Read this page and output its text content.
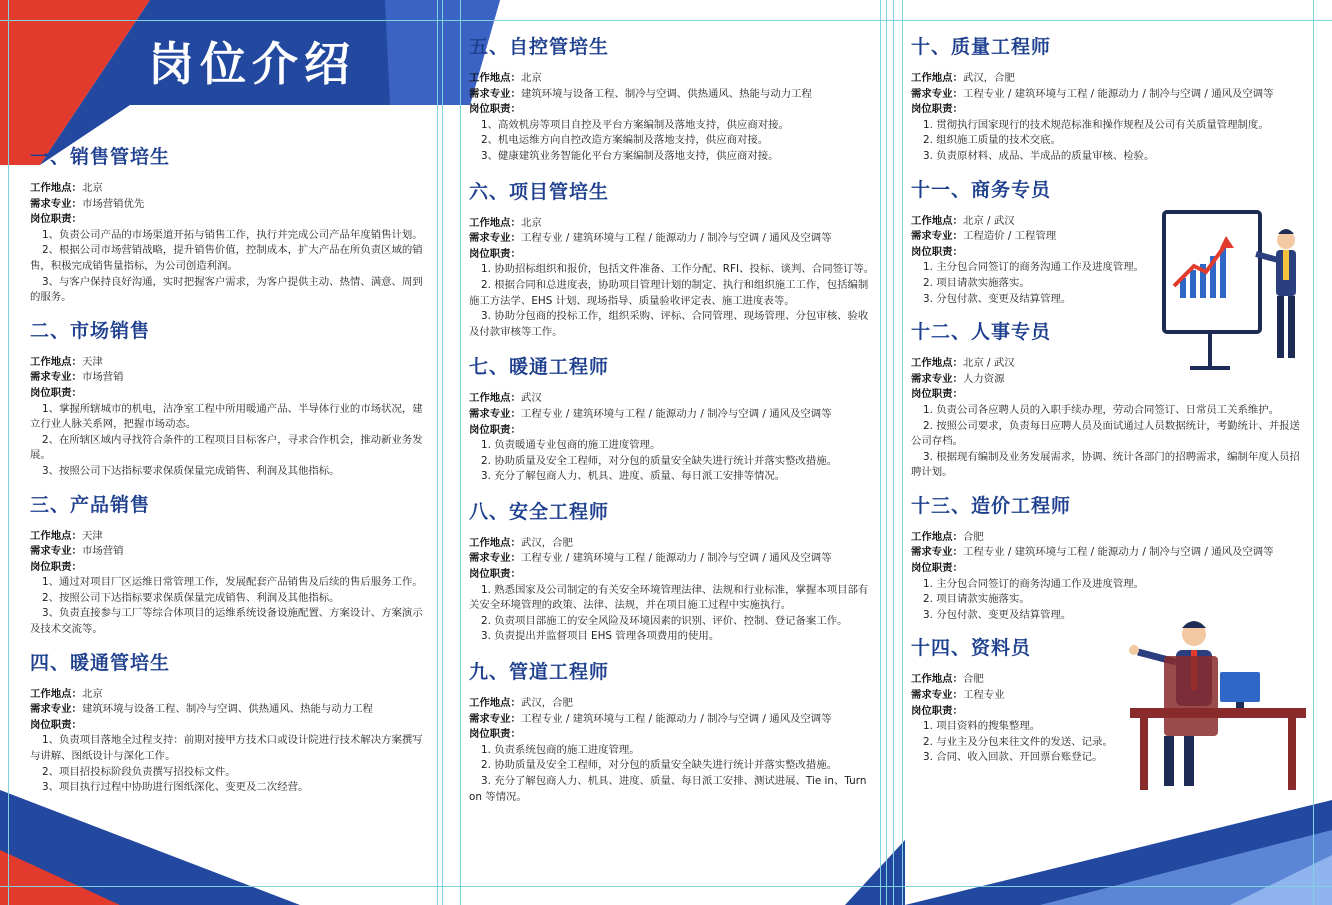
岗位介绍
一、销售管培生
工作地点：北京
需求专业：市场营销优先
岗位职责：
1、负责公司产品的市场渠道开拓与销售工作，执行并完成公司产品年度销售计划。
2、根据公司市场营销战略，提升销售价值，控制成本，扩大产品在所负责区域的销售，积极完成销售量指标，为公司创造利润。
3、与客户保持良好沟通，实时把握客户需求，为客户提供主动、热情、满意、周到的服务。
二、市场销售
工作地点：天津
需求专业：市场营销
岗位职责：
1、掌握所辖城市的机电，洁净室工程中所用暖通产品、半导体行业的市场状况，建立行业人脉关系网，把握市场动态。
2、在所辖区域内寻找符合条件的工程项目目标客户，寻求合作机会，推动新业务发展。
3、按照公司下达指标要求保质保量完成销售、利润及其他指标。
三、产品销售
工作地点：天津
需求专业：市场营销
岗位职责：
1、通过对项目厂区运维日常管理工作，发展配套产品销售及后续的售后服务工作。
2、按照公司下达指标要求保质保量完成销售、利润及其他指标。
3、负责直接参与工厂等综合体项目的运维系统设备设施配置、方案设计、方案演示及技术交流等。
四、暖通管培生
工作地点：北京
需求专业：建筑环境与设备工程、制冷与空调、供热通风、热能与动力工程
岗位职责：
1、负责项目落地全过程支持：前期对接甲方技术口或设计院进行技术解决方案撰写与讲解、图纸设计与深化工作。
2、项目招投标阶段负责撰写招投标文件。
3、项目执行过程中协助进行图纸深化、变更及二次经营。
五、自控管培生
工作地点：北京
需求专业：建筑环境与设备工程、制冷与空调、供热通风、热能与动力工程
岗位职责：
1、高效机房等项目自控及平台方案编制及落地支持，供应商对接。
2、机电运维方向自控改造方案编制及落地支持，供应商对接。
3、健康建筑业务智能化平台方案编制及落地支持，供应商对接。
六、项目管培生
工作地点：北京
需求专业：工程专业 / 建筑环境与工程 / 能源动力 / 制冷与空调 / 通风及空调等
岗位职责：
1. 协助招标组织和报价，包括文件准备、工作分配、RFI、投标、谈判、合同签订等。
2. 根据合同和总进度表，协助项目管理计划的制定、执行和组织施工工作，包括编制施工方法学、EHS 计划、现场指导、质量验收评定表、施工进度表等。
3. 协助分包商的投标工作，组织采购、评标、合同管理、现场管理、分包审核、验收及付款审核等工作。
七、暖通工程师
工作地点：武汉
需求专业：工程专业 / 建筑环境与工程 / 能源动力 / 制冷与空调 / 通风及空调等
岗位职责：
1. 负责暖通专业包商的施工进度管理。
2. 协助质量及安全工程师，对分包的质量安全缺失进行统计并落实整改措施。
3. 充分了解包商人力、机具、进度、质量、每日派工安排等情况。
八、安全工程师
工作地点：武汉，合肥
需求专业：工程专业 / 建筑环境与工程 / 能源动力 / 制冷与空调 / 通风及空调等
岗位职责：
1. 熟悉国家及公司制定的有关安全环境管理法律、法规和行业标准，掌握本项目部有关安全环境管理的政策、法律、法规，并在项目施工过程中实施执行。
2. 负责项目部施工的安全风险及环境因素的识别、评价、控制、登记备案工作。
3. 负责提出并监督项目 EHS 管理各项费用的使用。
九、管道工程师
工作地点：武汉，合肥
需求专业：工程专业 / 建筑环境与工程 / 能源动力 / 制冷与空调 / 通风及空调等
岗位职责：
1. 负责系统包商的施工进度管理。
2. 协助质量及安全工程师，对分包的质量安全缺失进行统计并落实整改措施。
3. 充分了解包商人力、机具、进度、质量、每日派工安排、测试进展、Tie in、Turn on 等情况。
十、质量工程师
工作地点：武汉，合肥
需求专业：工程专业 / 建筑环境与工程 / 能源动力 / 制冷与空调 / 通风及空调等
岗位职责：
1. 贯彻执行国家现行的技术规范标准和操作规程及公司有关质量管理制度。
2. 组织施工质量的技术交底。
3. 负责原材料、成品、半成品的质量审核、检验。
十一、商务专员
工作地点：北京 / 武汉
需求专业：工程造价 / 工程管理
岗位职责：
1. 主分包合同签订的商务沟通工作及进度管理。
2. 项目请款实施落实。
3. 分包付款、变更及结算管理。
十二、人事专员
工作地点：北京 / 武汉
需求专业：人力资源
岗位职责：
1. 负责公司各应聘人员的入职手续办理，劳动合同签订、日常员工关系维护。
2. 按照公司要求，负责每日应聘人员及面试通过人员数据统计，考勤统计、并报送公司存档。
3. 根据现有编制及业务发展需求，协调、统计各部门的招聘需求，编制年度人员招聘计划。
十三、造价工程师
工作地点：合肥
需求专业：工程专业 / 建筑环境与工程 / 能源动力 / 制冷与空调 / 通风及空调等
岗位职责：
1. 主分包合同签订的商务沟通工作及进度管理。
2. 项目请款实施落实。
3. 分包付款、变更及结算管理。
十四、资料员
工作地点：合肥
需求专业：工程专业
岗位职责：
1. 项目资料的搜集整理。
2. 与业主及分包来往文件的发送、记录。
3. 合同、收入回款、开回票台账登记。
